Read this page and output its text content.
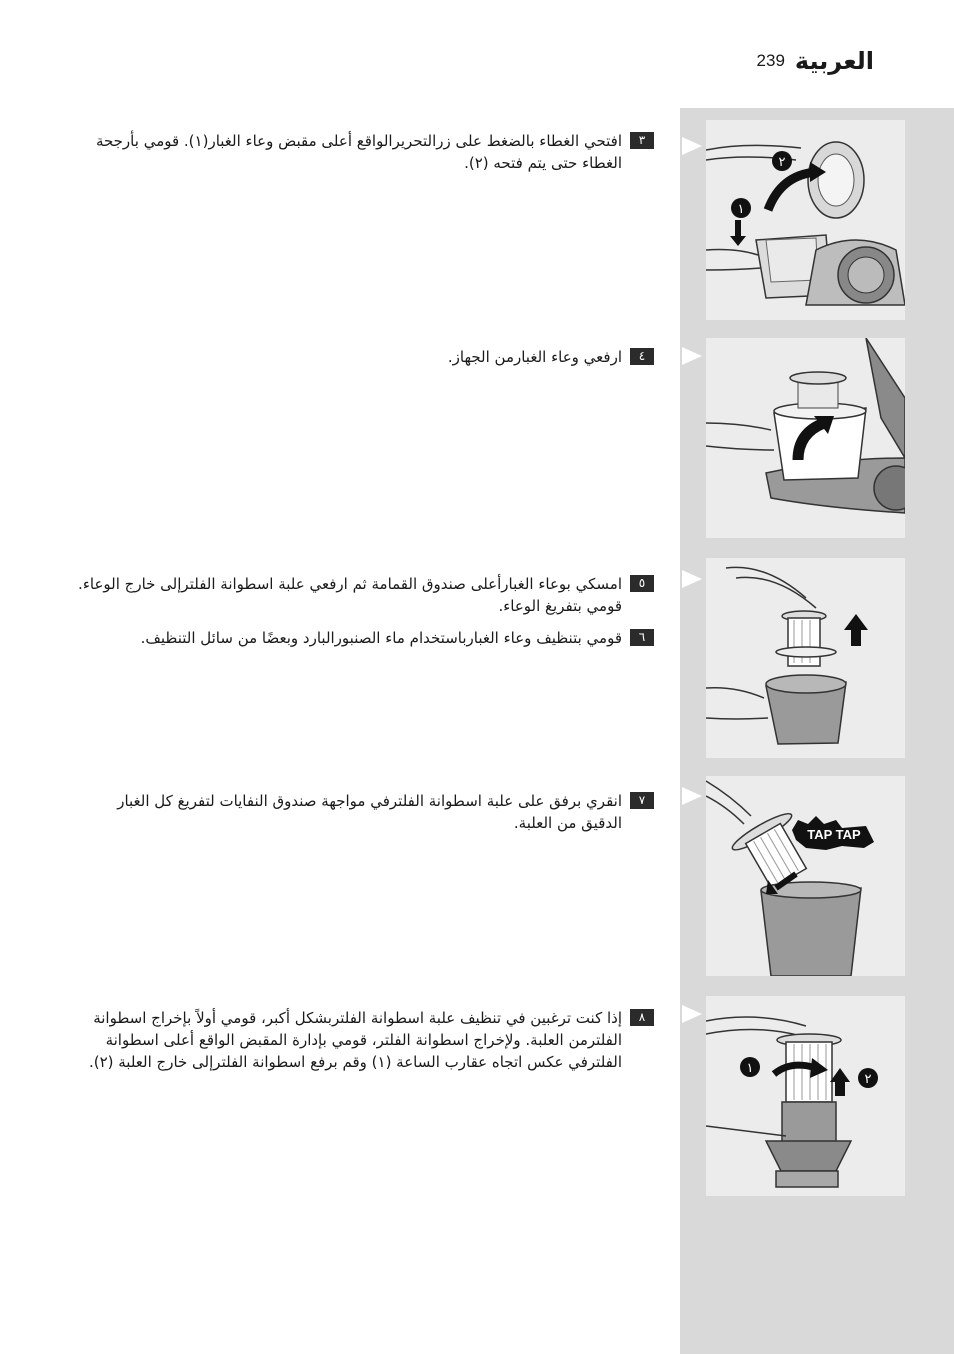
العربية
239
١
٢
TAP TAP
١
٢
٣
افتحي الغطاء بالضغط على زرالتحريرالواقع أعلى مقبض وعاء الغبار(١). قومي بأرجحة الغطاء حتى يتم فتحه (٢).
٤
ارفعي وعاء الغبارمن الجهاز.
٥
امسكي بوعاء الغبارأعلى صندوق القمامة ثم ارفعي علبة اسطوانة الفلترإلى خارج الوعاء. قومي بتفريغ الوعاء.
٦
قومي بتنظيف وعاء الغبارباستخدام ماء الصنبورالبارد وبعضًا من سائل التنظيف.
٧
انقري برفق على علبة اسطوانة الفلترفي مواجهة صندوق النفايات لتفريغ كل الغبار الدقيق من العلبة.
٨
إذا كنت ترغبين في تنظيف علبة اسطوانة الفلتربشكل أكبر، قومي أولاً بإخراج اسطوانة الفلترمن العلبة. ولإخراج اسطوانة الفلتر، قومي بإدارة المقبض الواقع أعلى اسطوانة الفلترفي عكس اتجاه عقارب الساعة (١) وقم برفع اسطوانة الفلترإلى خارج العلبة (٢).
